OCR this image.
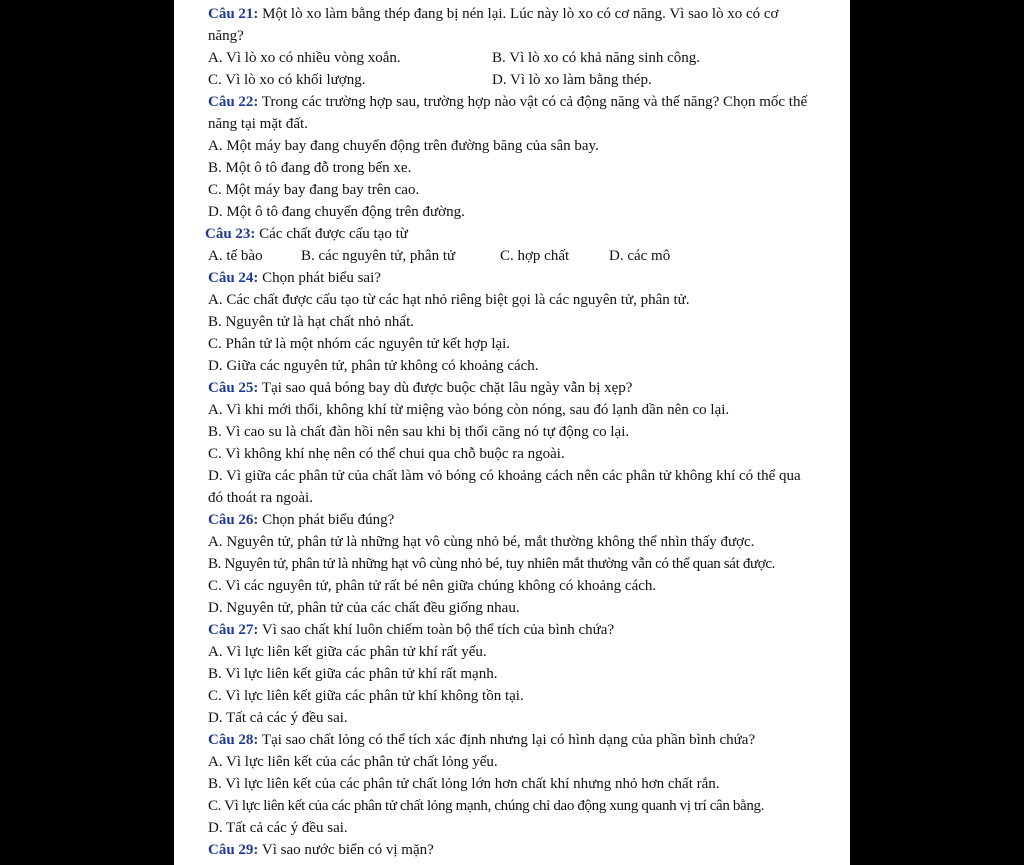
Câu 21: Một lò xo làm bằng thép đang bị nén lại. Lúc này lò xo có cơ năng. Vì sao lò xo có cơ năng?
A. Vì lò xo có nhiều vòng xoắn.	B. Vì lò xo có khả năng sinh công.
C. Vì lò xo có khối lượng.	D. Vì lò xo làm bằng thép.
Câu 22: Trong các trường hợp sau, trường hợp nào vật có cả động năng và thế năng? Chọn mốc thế năng tại mặt đất.
A. Một máy bay đang chuyển động trên đường băng của sân bay.
B. Một ô tô đang đỗ trong bến xe.
C. Một máy bay đang bay trên cao.
D. Một ô tô đang chuyển động trên đường.
Câu 23: Các chất được cấu tạo từ
A. tế bào	B. các nguyên tử, phân tử	C. hợp chất	D. các mô
Câu 24: Chọn phát biểu sai?
A. Các chất được cấu tạo từ các hạt nhỏ riêng biệt gọi là các nguyên tử, phân tử.
B. Nguyên tử là hạt chất nhỏ nhất.
C. Phân tử là một nhóm các nguyên tử kết hợp lại.
D. Giữa các nguyên tử, phân tử không có khoảng cách.
Câu 25: Tại sao quả bóng bay dù được buộc chặt lâu ngày vẫn bị xẹp?
A. Vì khi mới thổi, không khí từ miệng vào bóng còn nóng, sau đó lạnh dần nên co lại.
B. Vì cao su là chất đàn hồi nên sau khi bị thổi căng nó tự động co lại.
C. Vì không khí nhẹ nên có thể chui qua chỗ buộc ra ngoài.
D. Vì giữa các phân tử của chất làm vỏ bóng có khoảng cách nên các phân tử không khí có thể qua đó thoát ra ngoài.
Câu 26: Chọn phát biểu đúng?
A. Nguyên tử, phân tử là những hạt vô cùng nhỏ bé, mắt thường không thể nhìn thấy được.
B. Nguyên tử, phân tử là những hạt vô cùng nhỏ bé, tuy nhiên mắt thường vẫn có thể quan sát được.
C. Vì các nguyên tử, phân tử rất bé nên giữa chúng không có khoảng cách.
D. Nguyên tử, phân tử của các chất đều giống nhau.
Câu 27: Vì sao chất khí luôn chiếm toàn bộ thể tích của bình chứa?
A. Vì lực liên kết giữa các phân tử khí rất yếu.
B. Vì lực liên kết giữa các phân tử khí rất mạnh.
C. Vì lực liên kết giữa các phân tử khí không tồn tại.
D. Tất cả các ý đều sai.
Câu 28: Tại sao chất lỏng có thể tích xác định nhưng lại có hình dạng của phần bình chứa?
A. Vì lực liên kết của các phân tử chất lỏng yếu.
B. Vì lực liên kết của các phân tử chất lỏng lớn hơn chất khí nhưng nhỏ hơn chất rắn.
C. Vì lực liên kết của các phân tử chất lỏng mạnh, chúng chỉ dao động xung quanh vị trí cân bằng.
D. Tất cả các ý đều sai.
Câu 29: Vì sao nước biển có vị mặn?
